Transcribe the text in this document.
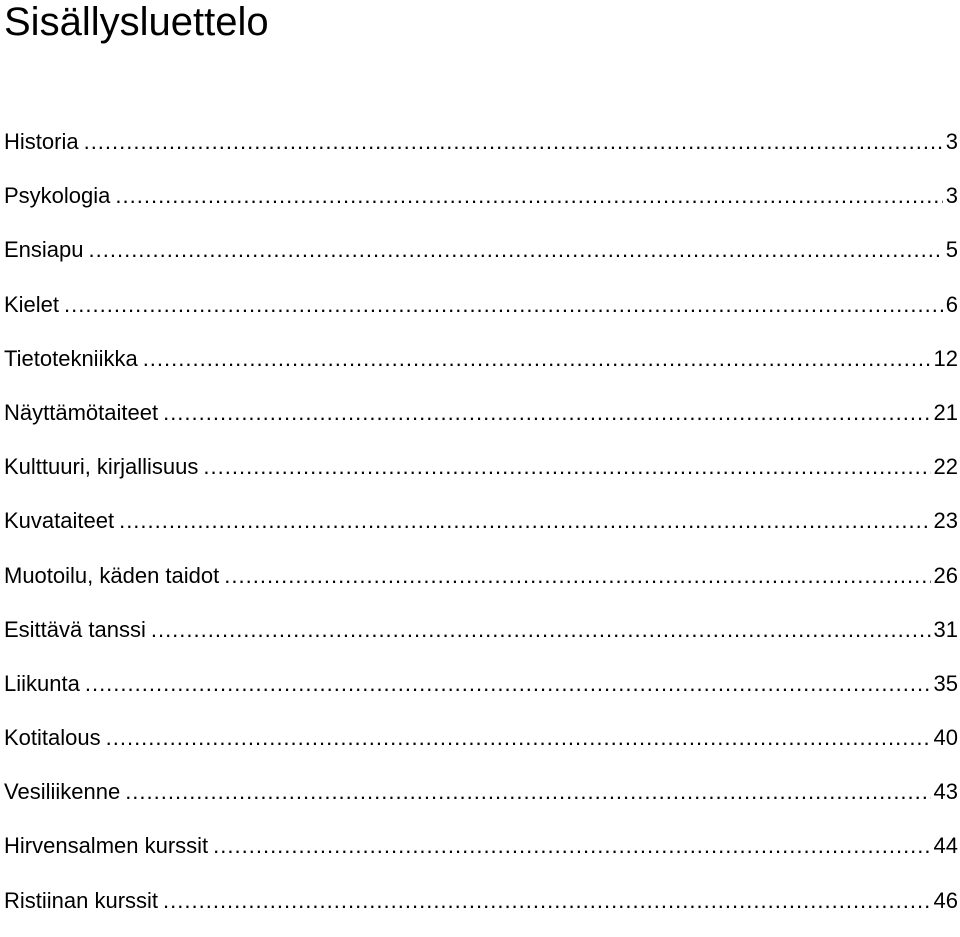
Sisällysluettelo
Historia .....	3
Psykologia .....	3
Ensiapu .....	5
Kielet .....	6
Tietotekniikka .....	12
Näyttämötaiteet .....	21
Kulttuuri, kirjallisuus .....	22
Kuvataiteet .....	23
Muotoilu, käden taidot .....	26
Esittävä tanssi .....	31
Liikunta .....	35
Kotitalous .....	40
Vesiliikenne .....	43
Hirvensalmen kurssit .....	44
Ristiinan kurssit .....	46
